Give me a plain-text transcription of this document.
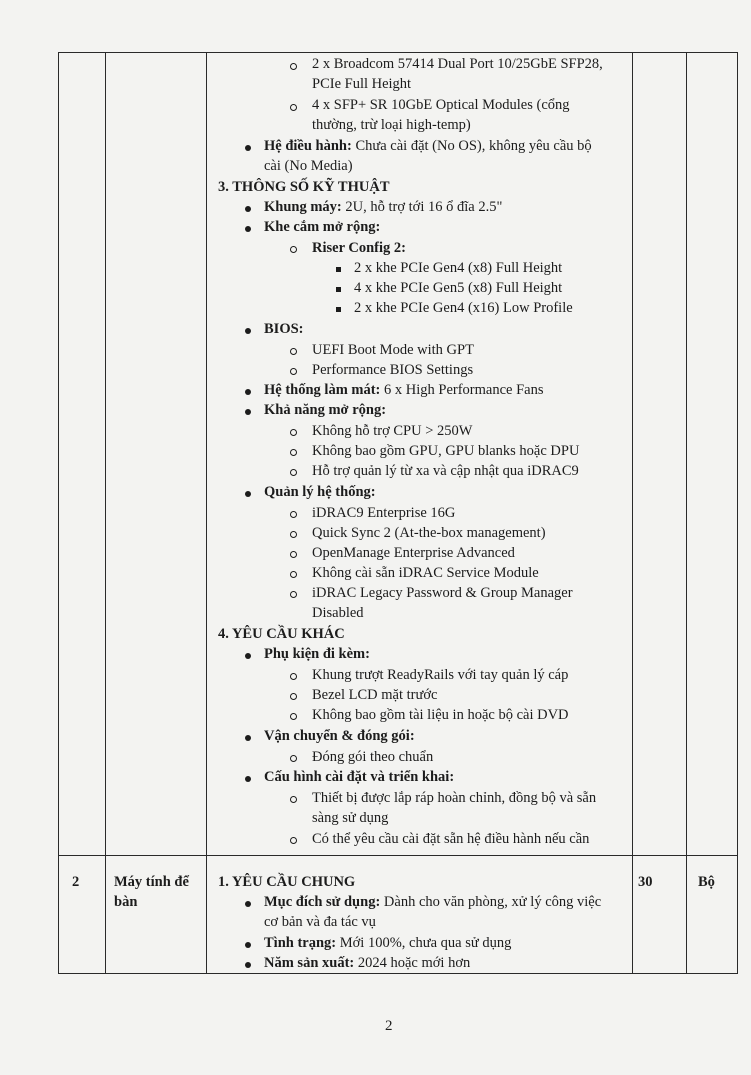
2 Máy tính để
bàn
30	Bộ
2 x Broadcom 57414 Dual Port 10/25GbE SFP28,
PCIe Full Height
4 x SFP+ SR 10GbE Optical Modules (cổng
thường, trừ loại high-temp)
Hệ điều hành: Chưa cài đặt (No OS), không yêu cầu bộ
cài (No Media)
3. THÔNG SỐ KỸ THUẬT
Khung máy: 2U, hỗ trợ tới 16 ổ đĩa 2.5"
Khe cắm mở rộng:
Riser Config 2:
2 x khe PCIe Gen4 (x8) Full Height
4 x khe PCIe Gen5 (x8) Full Height
2 x khe PCIe Gen4 (x16) Low Profile
BIOS:
UEFI Boot Mode with GPT
Performance BIOS Settings
Hệ thống làm mát: 6 x High Performance Fans
Khả năng mở rộng:
Không hỗ trợ CPU > 250W
Không bao gồm GPU, GPU blanks hoặc DPU
Hỗ trợ quản lý từ xa và cập nhật qua iDRAC9
Quản lý hệ thống:
iDRAC9 Enterprise 16G
Quick Sync 2 (At-the-box management)
OpenManage Enterprise Advanced
Không cài sẵn iDRAC Service Module
iDRAC Legacy Password & Group Manager
Disabled
4. YÊU CẦU KHÁC
Phụ kiện đi kèm:
Khung trượt ReadyRails với tay quản lý cáp
Bezel LCD mặt trước
Không bao gồm tài liệu in hoặc bộ cài DVD
Vận chuyển & đóng gói:
Đóng gói theo chuẩn
Cấu hình cài đặt và triển khai:
Thiết bị được lắp ráp hoàn chỉnh, đồng bộ và sẵn
sàng sử dụng
Có thể yêu cầu cài đặt sẵn hệ điều hành nếu cần
1. YÊU CẦU CHUNG
Mục đích sử dụng: Dành cho văn phòng, xử lý công việc
cơ bản và đa tác vụ
Tình trạng: Mới 100%, chưa qua sử dụng
Năm sản xuất: 2024 hoặc mới hơn
2
